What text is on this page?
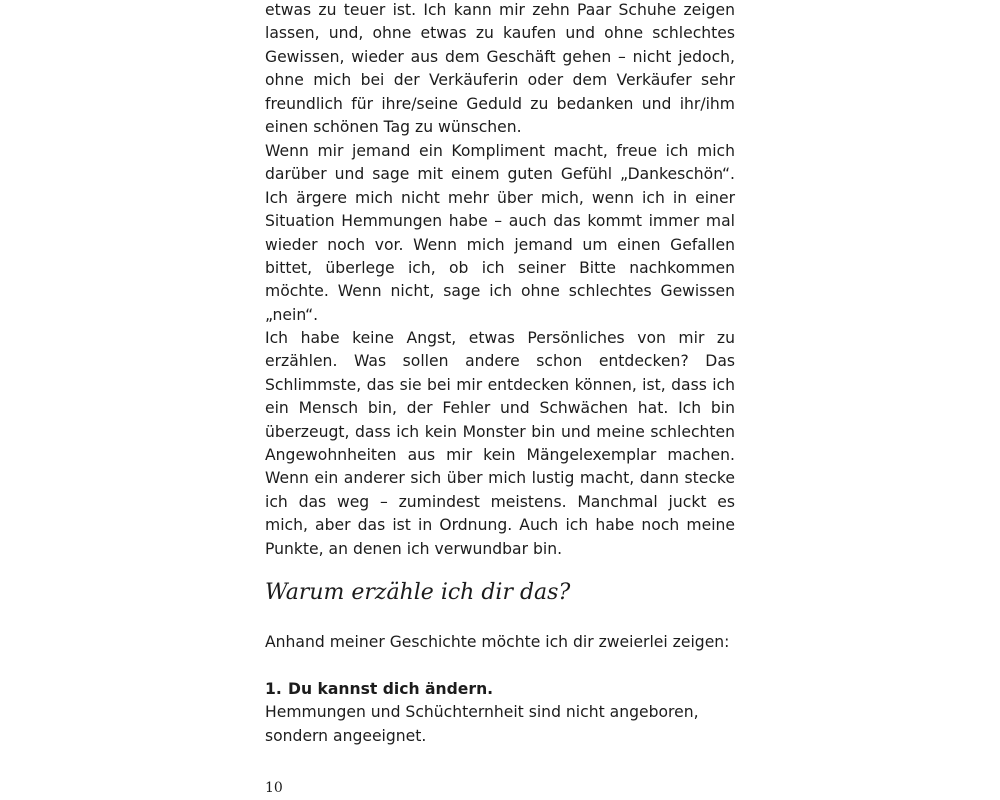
etwas zu teuer ist. Ich kann mir zehn Paar Schuhe zeigen lassen, und, ohne etwas zu kaufen und ohne schlechtes Gewissen, wieder aus dem Geschäft gehen – nicht jedoch, ohne mich bei der Verkäuferin oder dem Verkäufer sehr freundlich für ihre/seine Geduld zu bedanken und ihr/ihm einen schönen Tag zu wünschen.

Wenn mir jemand ein Kompliment macht, freue ich mich darüber und sage mit einem guten Gefühl „Dankeschön“. Ich ärgere mich nicht mehr über mich, wenn ich in einer Situation Hemmungen habe – auch das kommt immer mal wieder noch vor. Wenn mich jemand um einen Gefallen bittet, überlege ich, ob ich seiner Bitte nachkommen möchte. Wenn nicht, sage ich ohne schlechtes Gewissen „nein“.

Ich habe keine Angst, etwas Persönliches von mir zu erzählen. Was sollen andere schon entdecken? Das Schlimmste, das sie bei mir entdecken können, ist, dass ich ein Mensch bin, der Fehler und Schwächen hat. Ich bin überzeugt, dass ich kein Monster bin und meine schlechten Angewohnheiten aus mir kein Mängelexemplar machen. Wenn ein anderer sich über mich lustig macht, dann stecke ich das weg – zumindest meistens. Manchmal juckt es mich, aber das ist in Ordnung. Auch ich habe noch meine Punkte, an denen ich verwundbar bin.

Warum erzähle ich dir das?

Anhand meiner Geschichte möchte ich dir zweierlei zeigen:

1. Du kannst dich ändern.

Hemmungen und Schüchternheit sind nicht angeboren, sondern angeeignet.

10
